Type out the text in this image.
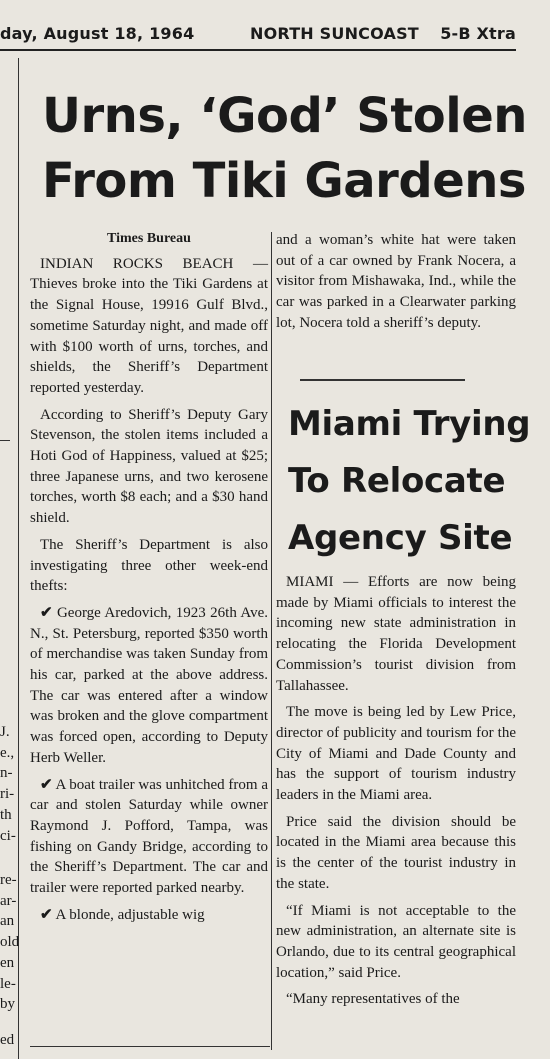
day, August 18, 1964	NORTH SUNCOAST 5-B Xtra
J.
e.,
n-
ri-
th
ci-
re-
ar-
an
old
en
le-
by
ed
Urns, ‘God’ Stolen
From Tiki Gardens
Times Bureau

INDIAN ROCKS BEACH — Thieves broke into the Tiki Gardens at the Signal House, 19916 Gulf Blvd., sometime Saturday night, and made off with $100 worth of urns, torches, and shields, the Sheriff’s Department reported yesterday.

According to Sheriff’s Deputy Gary Stevenson, the stolen items included a Hoti God of Happiness, valued at $25; three Japanese urns, and two kerosene torches, worth $8 each; and a $30 hand shield.

The Sheriff’s Department is also investigating three other week-end thefts:

✔ George Aredovich, 1923 26th Ave. N., St. Petersburg, reported $350 worth of merchandise was taken Sunday from his car, parked at the above address. The car was entered after a window was broken and the glove compartment was forced open, according to Deputy Herb Weller.

✔ A boat trailer was unhitched from a car and stolen Saturday while owner Raymond J. Pofford, Tampa, was fishing on Gandy Bridge, according to the Sheriff’s Department. The car and trailer were reported parked nearby.

✔ A blonde, adjustable wig

and a woman’s white hat were taken out of a car owned by Frank Nocera, a visitor from Mishawaka, Ind., while the car was parked in a Clearwater parking lot, Nocera told a sheriff’s deputy.

Miami Trying
To Relocate
Agency Site

MIAMI — Efforts are now being made by Miami officials to interest the incoming new state administration in relocating the Florida Development Commission’s tourist division from Tallahassee.

The move is being led by Lew Price, director of publicity and tourism for the City of Miami and Dade County and has the support of tourism industry leaders in the Miami area.

Price said the division should be located in the Miami area because this is the center of the tourist industry in the state.

“If Miami is not acceptable to the new administration, an alternate site is Orlando, due to its central geographical location,” said Price.

“Many representatives of the
